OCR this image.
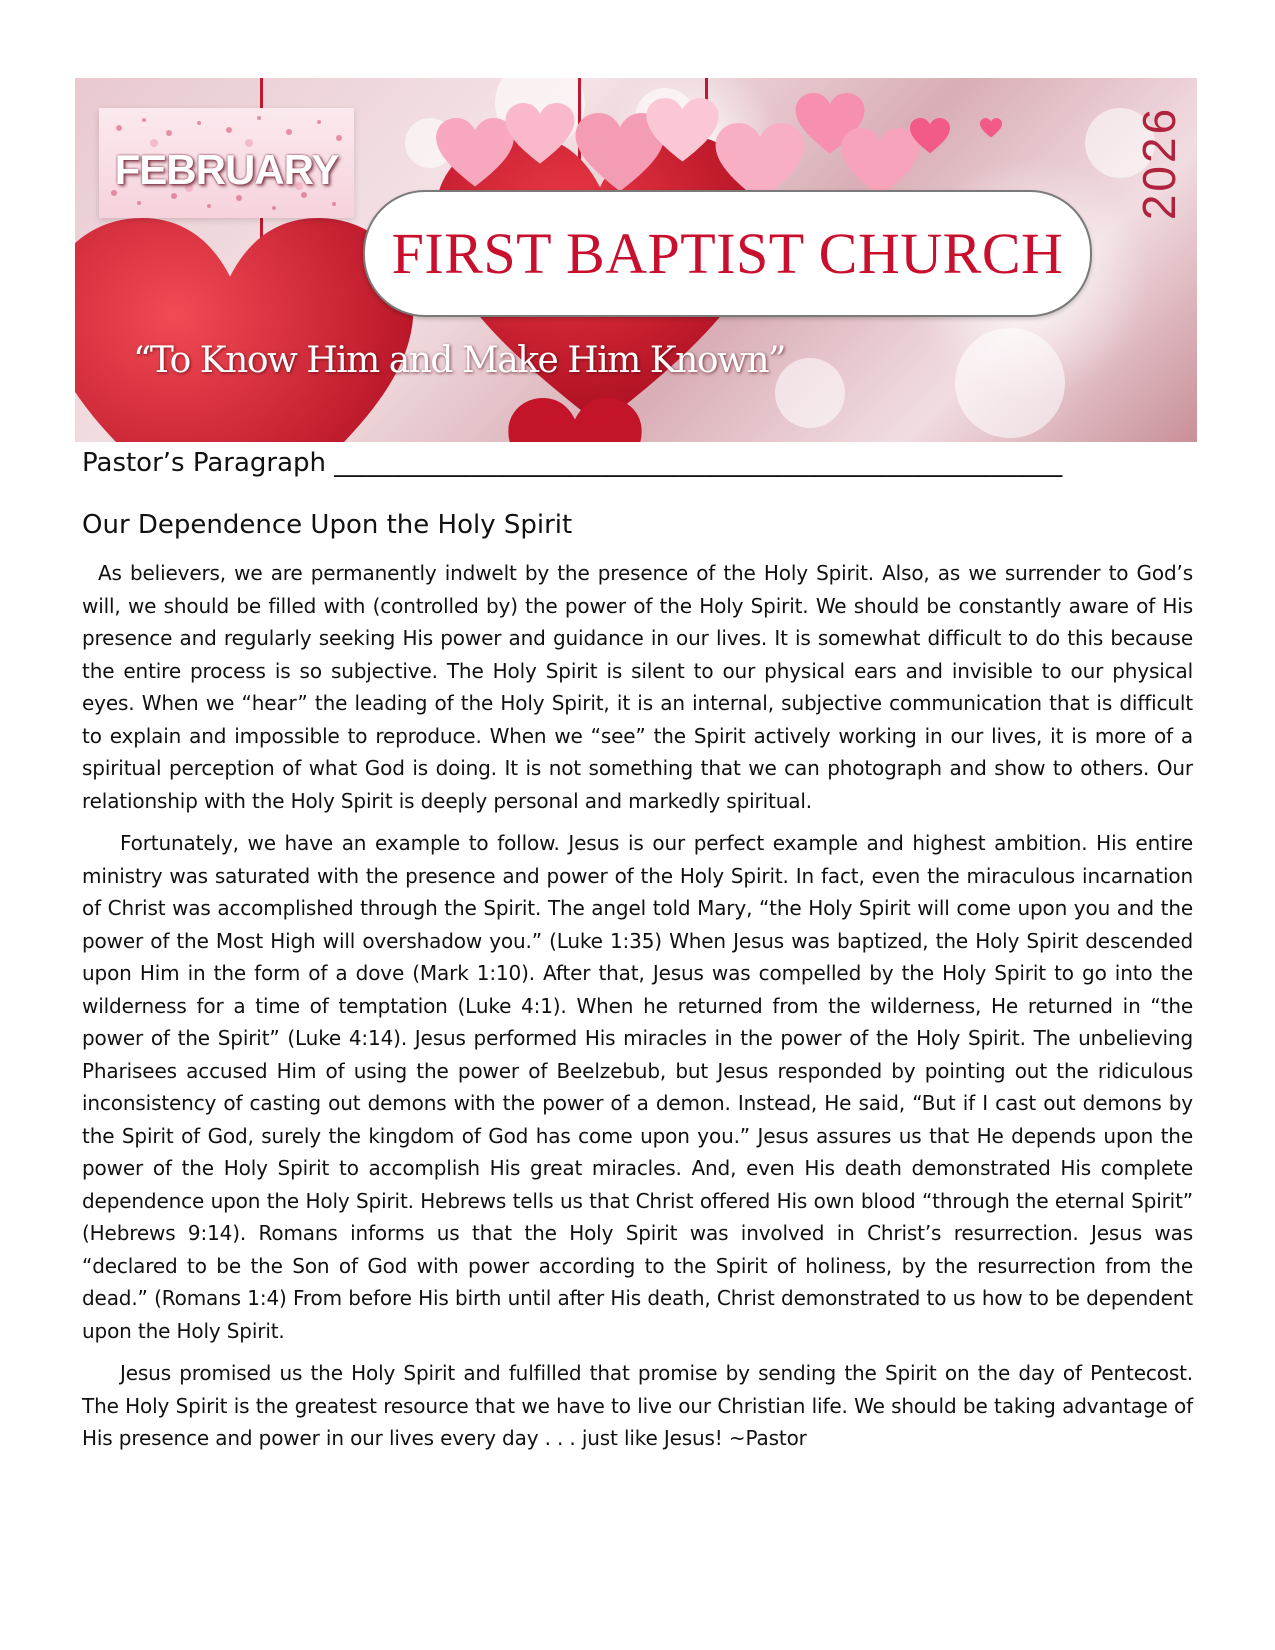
FEBRUARY	2026
FIRST BAPTIST CHURCH
“To Know Him and Make Him Known”
Pastor’s Paragraph ________________________________________________________
Our Dependence Upon the Holy Spirit

As believers, we are permanently indwelt by the presence of the Holy Spirit. Also, as we surrender to God’s will, we should be filled with (controlled by) the power of the Holy Spirit. We should be constantly aware of His presence and regularly seeking His power and guidance in our lives. It is somewhat difficult to do this because the entire process is so subjective. The Holy Spirit is silent to our physical ears and invisible to our physical eyes. When we “hear” the leading of the Holy Spirit, it is an internal, subjective communication that is difficult to explain and impossible to reproduce. When we “see” the Spirit actively working in our lives, it is more of a spiritual perception of what God is doing. It is not something that we can photograph and show to others. Our relationship with the Holy Spirit is deeply personal and markedly spiritual.

Fortunately, we have an example to follow. Jesus is our perfect example and highest ambition. His entire ministry was saturated with the presence and power of the Holy Spirit. In fact, even the miraculous incarnation of Christ was accomplished through the Spirit. The angel told Mary, “the Holy Spirit will come upon you and the power of the Most High will overshadow you.” (Luke 1:35) When Jesus was baptized, the Holy Spirit descended upon Him in the form of a dove (Mark 1:10). After that, Jesus was compelled by the Holy Spirit to go into the wilderness for a time of temptation (Luke 4:1). When he returned from the wilderness, He returned in “the power of the Spirit” (Luke 4:14). Jesus performed His miracles in the power of the Holy Spirit. The unbelieving Pharisees accused Him of using the power of Beelzebub, but Jesus responded by pointing out the ridiculous inconsistency of casting out demons with the power of a demon. Instead, He said, “But if I cast out demons by the Spirit of God, surely the kingdom of God has come upon you.” Jesus assures us that He depends upon the power of the Holy Spirit to accomplish His great miracles. And, even His death demonstrated His complete dependence upon the Holy Spirit. Hebrews tells us that Christ offered His own blood “through the eternal Spirit” (Hebrews 9:14). Romans informs us that the Holy Spirit was involved in Christ’s resurrection. Jesus was “declared to be the Son of God with power according to the Spirit of holiness, by the resurrection from the dead.” (Romans 1:4) From before His birth until after His death, Christ demonstrated to us how to be dependent upon the Holy Spirit.

Jesus promised us the Holy Spirit and fulfilled that promise by sending the Spirit on the day of Pentecost. The Holy Spirit is the greatest resource that we have to live our Christian life. We should be taking advantage of His presence and power in our lives every day . . . just like Jesus! ~Pastor
